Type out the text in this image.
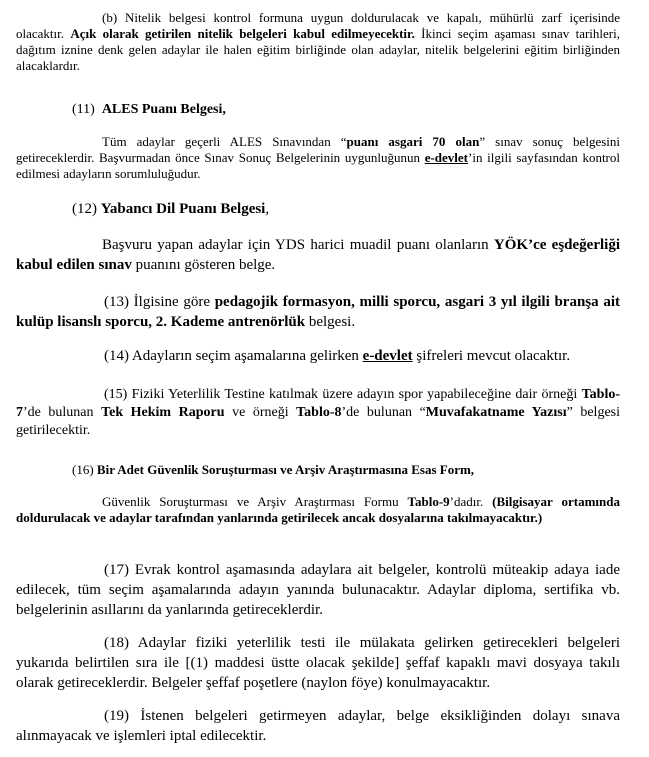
(b) Nitelik belgesi kontrol formuna uygun doldurulacak ve kapalı, mühürlü zarf içerisinde olacaktır. Açık olarak getirilen nitelik belgeleri kabul edilmeyecektir. İkinci seçim aşaması sınav tarihleri, dağıtım iznine denk gelen adaylar ile halen eğitim birliğinde olan adaylar, nitelik belgelerini eğitim birliğinden alacaklardır.
(11) ALES Puanı Belgesi,
Tüm adaylar geçerli ALES Sınavından “puanı asgari 70 olan” sınav sonuç belgesini getireceklerdir. Başvurmadan önce Sınav Sonuç Belgelerinin uygunluğunun e-devlet’in ilgili sayfasından kontrol edilmesi adayların sorumluluğudur.
(12) Yabancı Dil Puanı Belgesi,
Başvuru yapan adaylar için YDS harici muadil puanı olanların YÖK’ce eşdeğerliği kabul edilen sınav puanını gösteren belge.
(13) İlgisine göre pedagojik formasyon, milli sporcu, asgari 3 yıl ilgili branşa ait kulüp lisanslı sporcu, 2. Kademe antrenörlük belgesi.
(14) Adayların seçim aşamalarına gelirken e-devlet şifreleri mevcut olacaktır.
(15) Fiziki Yeterlilik Testine katılmak üzere adayın spor yapabileceğine dair örneği Tablo-7’de bulunan Tek Hekim Raporu ve örneği Tablo-8’de bulunan “Muvafakatname Yazısı” belgesi getirilecektir.
(16) Bir Adet Güvenlik Soruşturması ve Arşiv Araştırmasına Esas Form,
Güvenlik Soruşturması ve Arşiv Araştırması Formu Tablo-9’dadır. (Bilgisayar ortamında doldurulacak ve adaylar tarafından yanlarında getirilecek ancak dosyalarına takılmayacaktır.)
(17) Evrak kontrol aşamasında adaylara ait belgeler, kontrolü müteakip adaya iade edilecek, tüm seçim aşamalarında adayın yanında bulunacaktır. Adaylar diploma, sertifika vb. belgelerinin asıllarını da yanlarında getireceklerdir.
(18) Adaylar fiziki yeterlilik testi ile mülakata gelirken getirecekleri belgeleri yukarıda belirtilen sıra ile [(1) maddesi üstte olacak şekilde] şeffaf kapaklı mavi dosyaya takılı olarak getireceklerdir. Belgeler şeffaf poşetlere (naylon föye) konulmayacaktır.
(19) İstenen belgeleri getirmeyen adaylar, belge eksikliğinden dolayı sınava alınmayacak ve işlemleri iptal edilecektir.
